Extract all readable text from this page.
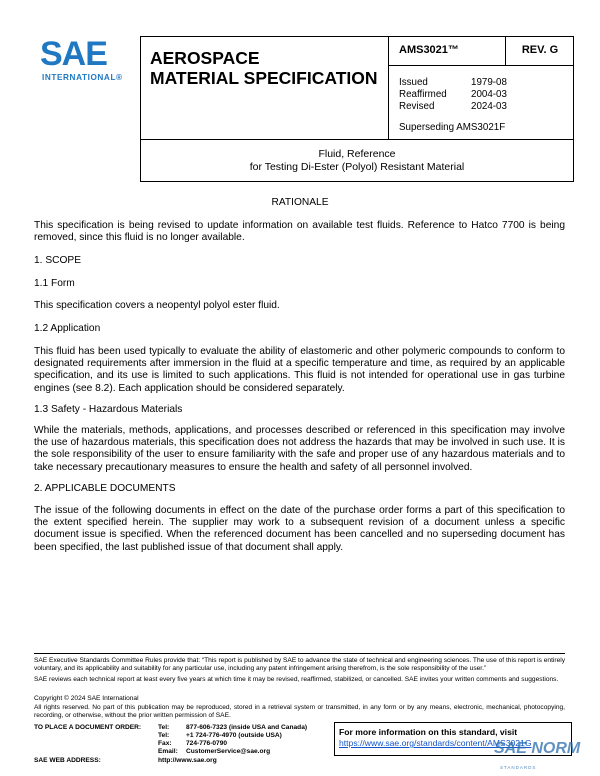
SAE
INTERNATIONAL®
AEROSPACE
MATERIAL SPECIFICATION
AMS3021™	REV. G
Issued	1979-08
Reaffirmed	2004-03
Revised	2024-03
Superseding AMS3021F
Fluid, Reference
for Testing Di-Ester (Polyol) Resistant Material
RATIONALE
This specification is being revised to update information on available test fluids. Reference to Hatco 7700 is being removed, since this fluid is no longer available.
1. SCOPE
1.1 Form
This specification covers a neopentyl polyol ester fluid.
1.2 Application
This fluid has been used typically to evaluate the ability of elastomeric and other polymeric compounds to conform to designated requirements after immersion in the fluid at a specific temperature and time, as required by an applicable specification, and its use is limited to such applications. This fluid is not intended for operational use in gas turbine engines (see 8.2). Each application should be considered separately.
1.3 Safety - Hazardous Materials
While the materials, methods, applications, and processes described or referenced in this specification may involve the use of hazardous materials, this specification does not address the hazards that may be involved in such use. It is the sole responsibility of the user to ensure familiarity with the safe and proper use of any hazardous materials and to take necessary precautionary measures to ensure the health and safety of all personnel involved.
2. APPLICABLE DOCUMENTS
The issue of the following documents in effect on the date of the purchase order forms a part of this specification to the extent specified herein. The supplier may work to a subsequent revision of a document unless a specific document issue is specified. When the referenced document has been cancelled and no superseding document has been specified, the last published issue of that document shall apply.
SAE Executive Standards Committee Rules provide that: “This report is published by SAE to advance the state of technical and engineering sciences. The use of this report is entirely voluntary, and its applicability and suitability for any particular use, including any patent infringement arising therefrom, is the sole responsibility of the user.”
SAE reviews each technical report at least every five years at which time it may be revised, reaffirmed, stabilized, or cancelled. SAE invites your written comments and suggestions.
Copyright © 2024 SAE International
All rights reserved. No part of this publication may be reproduced, stored in a retrieval system or transmitted, in any form or by any means, electronic, mechanical, photocopying, recording, or otherwise, without the prior written permission of SAE.
TO PLACE A DOCUMENT ORDER:	Tel:	877-606-7323 (inside USA and Canada)
Tel:	+1 724-776-4970 (outside USA)
Fax:	724-776-0790
Email:	CustomerService@sae.org
SAE WEB ADDRESS:	http://www.sae.org
For more information on this standard, visit
https://www.sae.org/standards/content/AMS3021G
SAE NORM
STANDARDS
